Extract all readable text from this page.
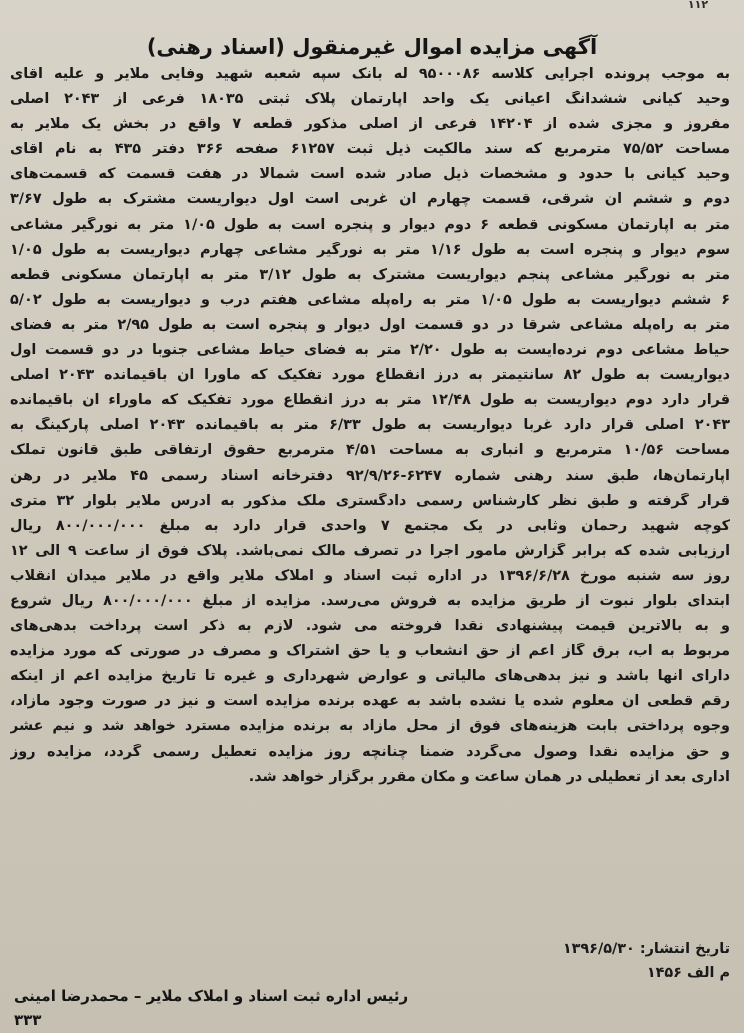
۱۱۲
آگهی مزایده اموال غیرمنقول (اسناد رهنی)
به موجب پرونده اجرایی کلاسه ۹۵۰۰۰۸۶ له بانک سپه شعبه شهید وفایی ملایر و علیه آقای
وحید کیانی ششدانگ اعیانی یک واحد آپارتمان پلاک ثبتی ۱۸۰۳۵ فرعی از ۲۰۴۳ اصلی
مفروز و مجزی شده از ۱۴۲۰۴ فرعی از اصلی مذکور قطعه ۷ واقع در بخش یک ملایر به
مساحت ۷۵/۵۲ مترمربع که سند مالکیت ذیل ثبت ۶۱۲۵۷ صفحه ۳۶۶ دفتر ۴۳۵ به نام آقای
وحید کیانی با حدود و مشخصات ذیل صادر شده است شمالا در هفت قسمت که قسمت‌های
دوم و ششم آن شرقی، قسمت چهارم آن غربی است اول دیواریست مشترک به طول ۳/۶۷
متر به آپارتمان مسکونی قطعه ۶ دوم دیوار و پنجره است به طول ۱/۰۵ متر به نورگیر مشاعی
سوم دیوار و پنجره است به طول ۱/۱۶ متر به نورگیر مشاعی چهارم دیواریست به طول ۱/۰۵
متر به نورگیر مشاعی پنجم دیواریست مشترک به طول ۳/۱۲ متر به آپارتمان مسکونی قطعه
۶ ششم دیواریست به طول ۱/۰۵ متر به راه‌پله مشاعی هفتم درب و دیواریست به طول ۵/۰۲
متر به راه‌پله مشاعی شرقا در دو قسمت اول دیوار و پنجره است به طول ۲/۹۵ متر به فضای
حیاط مشاعی دوم نرده‌ایست به طول ۲/۲۰ متر به فضای حیاط مشاعی جنوبا در دو قسمت اول
دیواریست به طول ۸۲ سانتیمتر به درز انقطاع مورد تفکیک که ماورا آن باقیمانده ۲۰۴۳ اصلی
قرار دارد دوم دیواریست به طول ۱۲/۴۸ متر به درز انقطاع مورد تفکیک که ماوراء آن باقیمانده
۲۰۴۳ اصلی قرار دارد غربا دیواریست به طول ۶/۳۳ متر به باقیمانده ۲۰۴۳ اصلی پارکینگ به
مساحت ۱۰/۵۶ مترمربع و انباری به مساحت ۴/۵۱ مترمربع حقوق ارتفاقی طبق قانون تملک
آپارتمان‌ها، طبق سند رهنی شماره ۶۲۴۷-۹۲/۹/۲۶ دفترخانه اسناد رسمی ۴۵ ملایر در رهن
قرار گرفته و طبق نظر کارشناس رسمی دادگستری ملک مذکور به آدرس ملایر بلوار ۳۲ متری
کوچه شهید رحمان وثابی در یک مجتمع ۷ واحدی قرار دارد به مبلغ ۸۰۰/۰۰۰/۰۰۰ ریال
ارزیابی شده که برابر گزارش مامور اجرا در تصرف مالک نمی‌باشد. پلاک فوق از ساعت ۹ الی ۱۲
روز سه شنبه مورخ ۱۳۹۶/۶/۲۸ در اداره ثبت اسناد و املاک ملایر واقع در ملایر میدان انقلاب
ابتدای بلوار نبوت از طریق مزایده به فروش می‌رسد. مزایده از مبلغ ۸۰۰/۰۰۰/۰۰۰ ریال شروع
و به بالاترین قیمت پیشنهادی نقدا فروخته می شود. لازم به ذکر است پرداخت بدهی‌های
مربوط به آب، برق گاز اعم از حق انشعاب و یا حق اشتراک و مصرف در صورتی که مورد مزایده
دارای آنها باشد و نیز بدهی‌های مالیاتی و عوارض شهرداری و غیره تا تاریخ مزایده اعم از اینکه
رقم قطعی آن معلوم شده یا نشده باشد به عهده برنده مزایده است و نیز در صورت وجود مازاد،
وجوه پرداختی بابت هزینه‌های فوق از محل مازاد به برنده مزایده مسترد خواهد شد و نیم عشر
و حق مزایده نقدا وصول می‌گردد ضمنا چنانچه روز مزایده تعطیل رسمی گردد، مزایده روز
اداری بعد از تعطیلی در همان ساعت و مکان مقرر برگزار خواهد شد.
تاریخ انتشار: ۱۳۹۶/۵/۳۰
م الف ۱۴۵۶
رئیس اداره ثبت اسناد و املاک ملایر – محمدرضا امینی
۳۳۳
